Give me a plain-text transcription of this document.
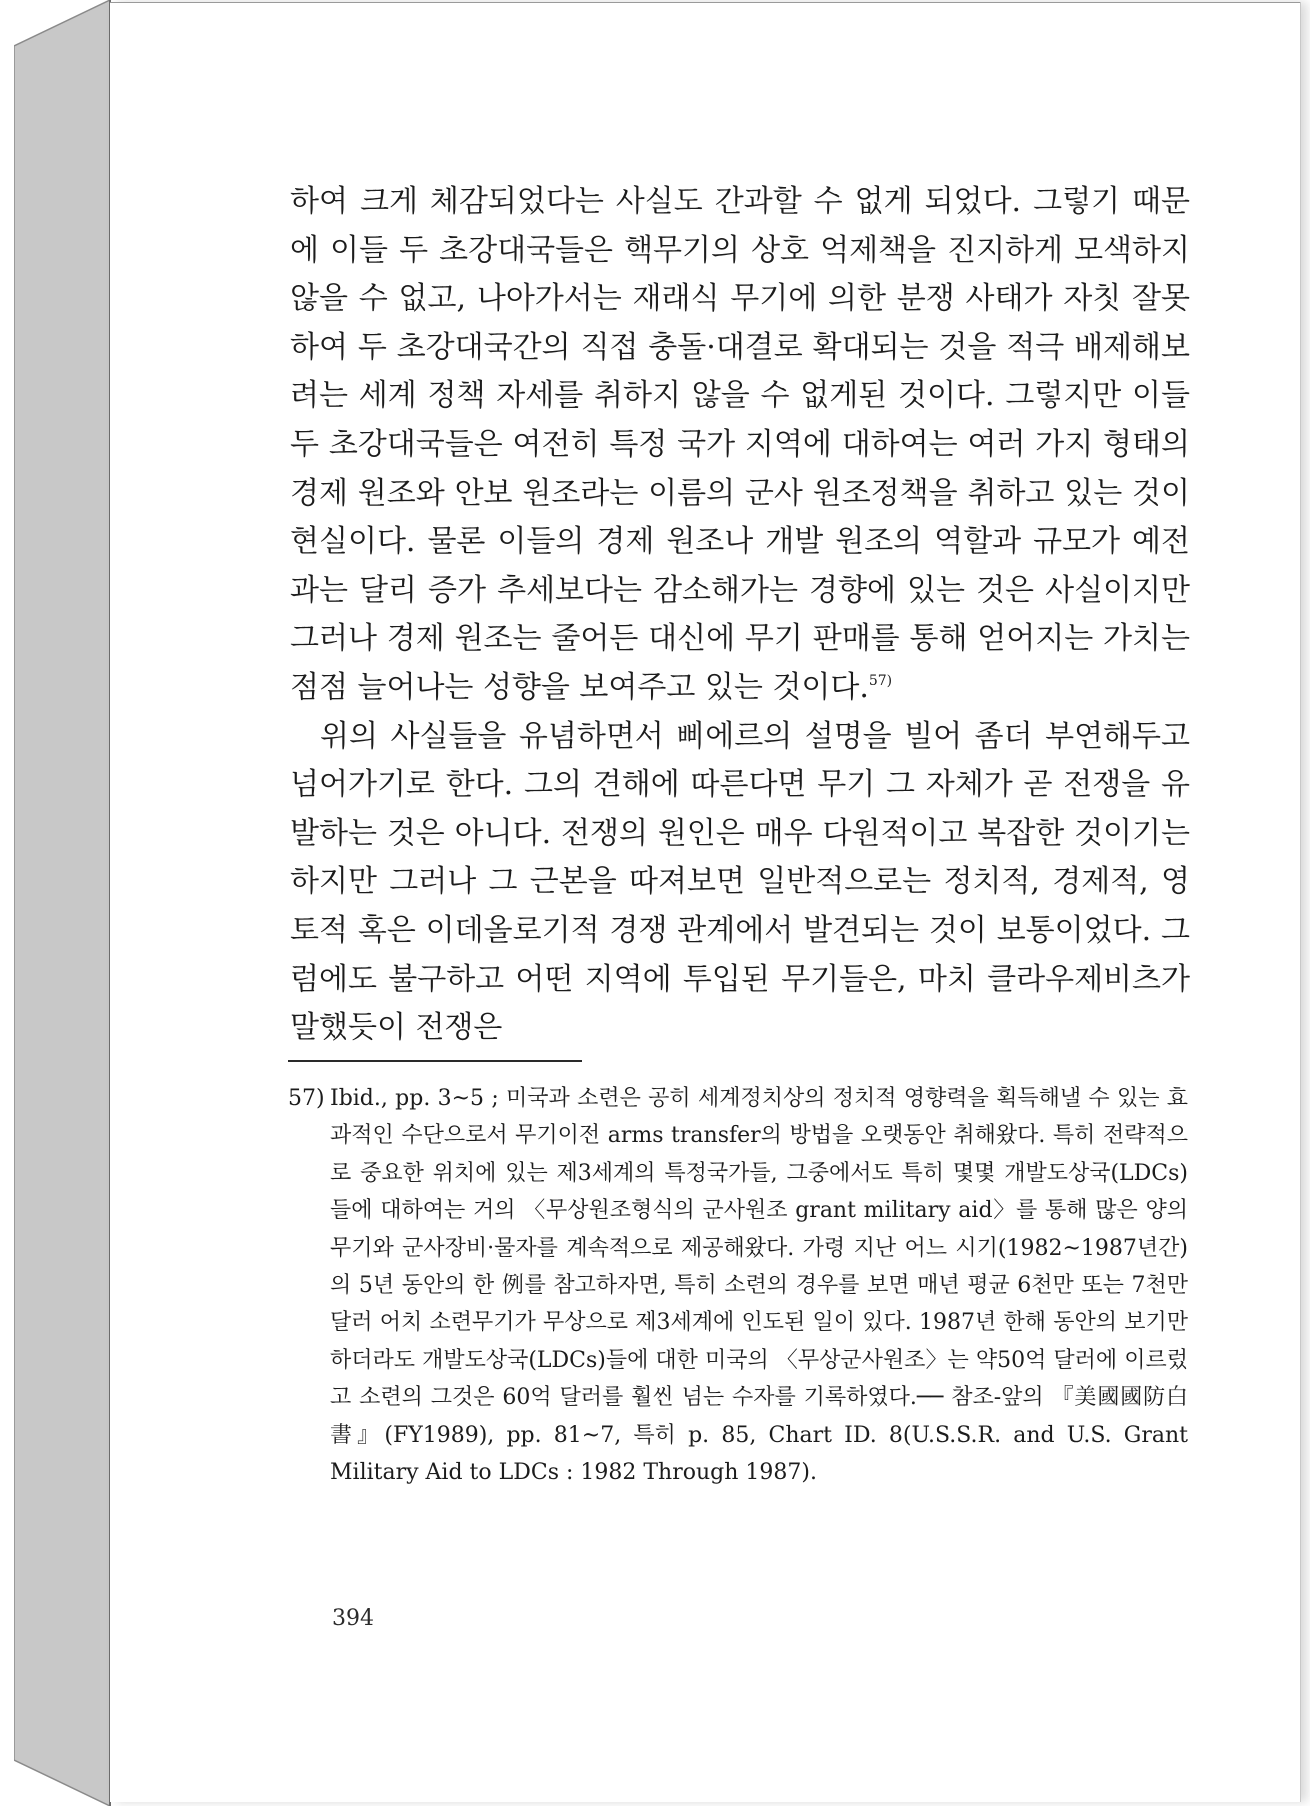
하여 크게 체감되었다는 사실도 간과할 수 없게 되었다. 그렇기 때문에 이들 두 초강대국들은 핵무기의 상호 억제책을 진지하게 모색하지 않을 수 없고, 나아가서는 재래식 무기에 의한 분쟁 사태가 자칫 잘못하여 두 초강대국간의 직접 충돌·대결로 확대되는 것을 적극 배제해보려는 세계 정책 자세를 취하지 않을 수 없게된 것이다. 그렇지만 이들 두 초강대국들은 여전히 특정 국가 지역에 대하여는 여러 가지 형태의 경제 원조와 안보 원조라는 이름의 군사 원조정책을 취하고 있는 것이 현실이다. 물론 이들의 경제 원조나 개발 원조의 역할과 규모가 예전과는 달리 증가 추세보다는 감소해가는 경향에 있는 것은 사실이지만 그러나 경제 원조는 줄어든 대신에 무기 판매를 통해 얻어지는 가치는 점점 늘어나는 성향을 보여주고 있는 것이다.$^{57)}$

위의 사실들을 유념하면서 삐에르의 설명을 빌어 좀더 부연해두고 넘어가기로 한다. 그의 견해에 따른다면 무기 그 자체가 곧 전쟁을 유발하는 것은 아니다. 전쟁의 원인은 매우 다원적이고 복잡한 것이기는 하지만 그러나 그 근본을 따져보면 일반적으로는 정치적, 경제적, 영토적 혹은 이데올로기적 경쟁 관계에서 발견되는 것이 보통이었다. 그럼에도 불구하고 어떤 지역에 투입된 무기들은, 마치 클라우제비츠가 말했듯이 전쟁은

57) Ibid., pp. 3~5 ; 미국과 소련은 공히 세계정치상의 정치적 영향력을 획득해낼 수 있는 효과적인 수단으로서 무기이전 arms transfer의 방법을 오랫동안 취해왔다. 특히 전략적으로 중요한 위치에 있는 제3세계의 특정국가들, 그중에서도 특히 몇몇 개발도상국(LDCs)들에 대하여는 거의 〈무상원조형식의 군사원조 grant military aid〉를 통해 많은 양의 무기와 군사장비·물자를 계속적으로 제공해왔다. 가령 지난 어느 시기(1982~1987년간)의 5년 동안의 한 例를 참고하자면, 특히 소련의 경우를 보면 매년 평균 6천만 또는 7천만 달러 어치 소련무기가 무상으로 제3세계에 인도된 일이 있다. 1987년 한해 동안의 보기만 하더라도 개발도상국(LDCs)들에 대한 미국의 〈무상군사원조〉는 약50억 달러에 이르렀고 소련의 그것은 60억 달러를 훨씬 넘는 수자를 기록하였다.── 참조-앞의 『美國國防白書』(FY1989), pp. 81~7, 특히 p. 85, Chart ID. 8(U.S.S.R. and U.S. Grant Military Aid to LDCs : 1982 Through 1987).
394
